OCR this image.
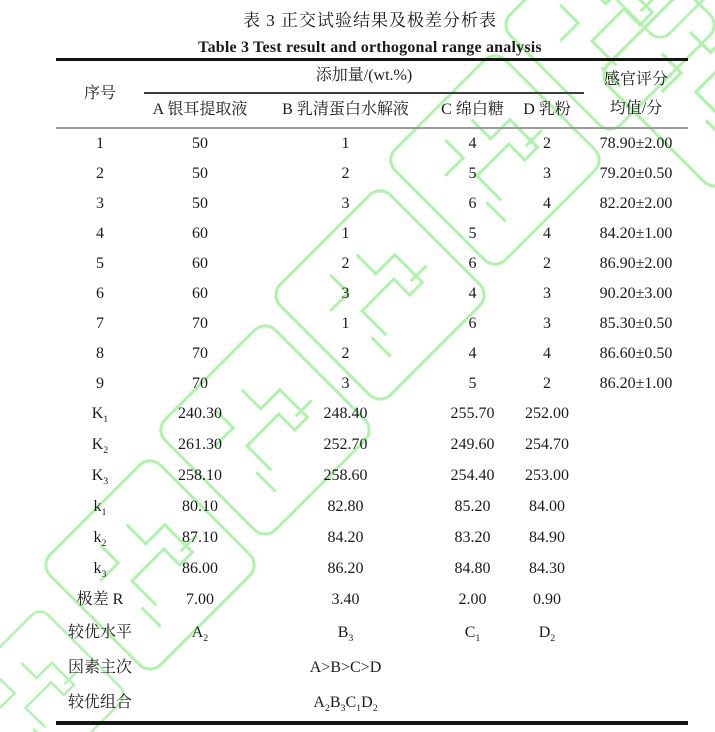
表 3 正交试验结果及极差分析表
Table 3 Test result and orthogonal range analysis
序号	添加量/(wt.%)				感官评分
均值/分

	A 银耳提取液	B 乳清蛋白水解液	C 绵白糖	D 乳粉	
1	50	1	4	2	78.90±2.00
2	50	2	5	3	79.20±0.50
3	50	3	6	4	82.20±2.00
4	60	1	5	4	84.20±1.00
5	60	2	6	2	86.90±2.00
6	60	3	4	3	90.20±3.00
7	70	1	6	3	85.30±0.50
8	70	2	4	4	86.60±0.50
9	70	3	5	2	86.20±1.00
$K_1$	240.30	248.40	255.70	252.00	
$K_2$	261.30	252.70	249.60	254.70	
$K_3$	258.10	258.60	254.40	253.00	
$k_1$	80.10	82.80	85.20	84.00	
$k_2$	87.10	84.20	83.20	84.90	
$k_3$	86.00	86.20	84.80	84.30	
极差 R	7.00	3.40	2.00	0.90	
较优水平	$A_2$	$B_3$	$C_1$	$D_2$	
因素主次		A>B>C>D			
较优组合		$A_2B_3C_1D_2$			
